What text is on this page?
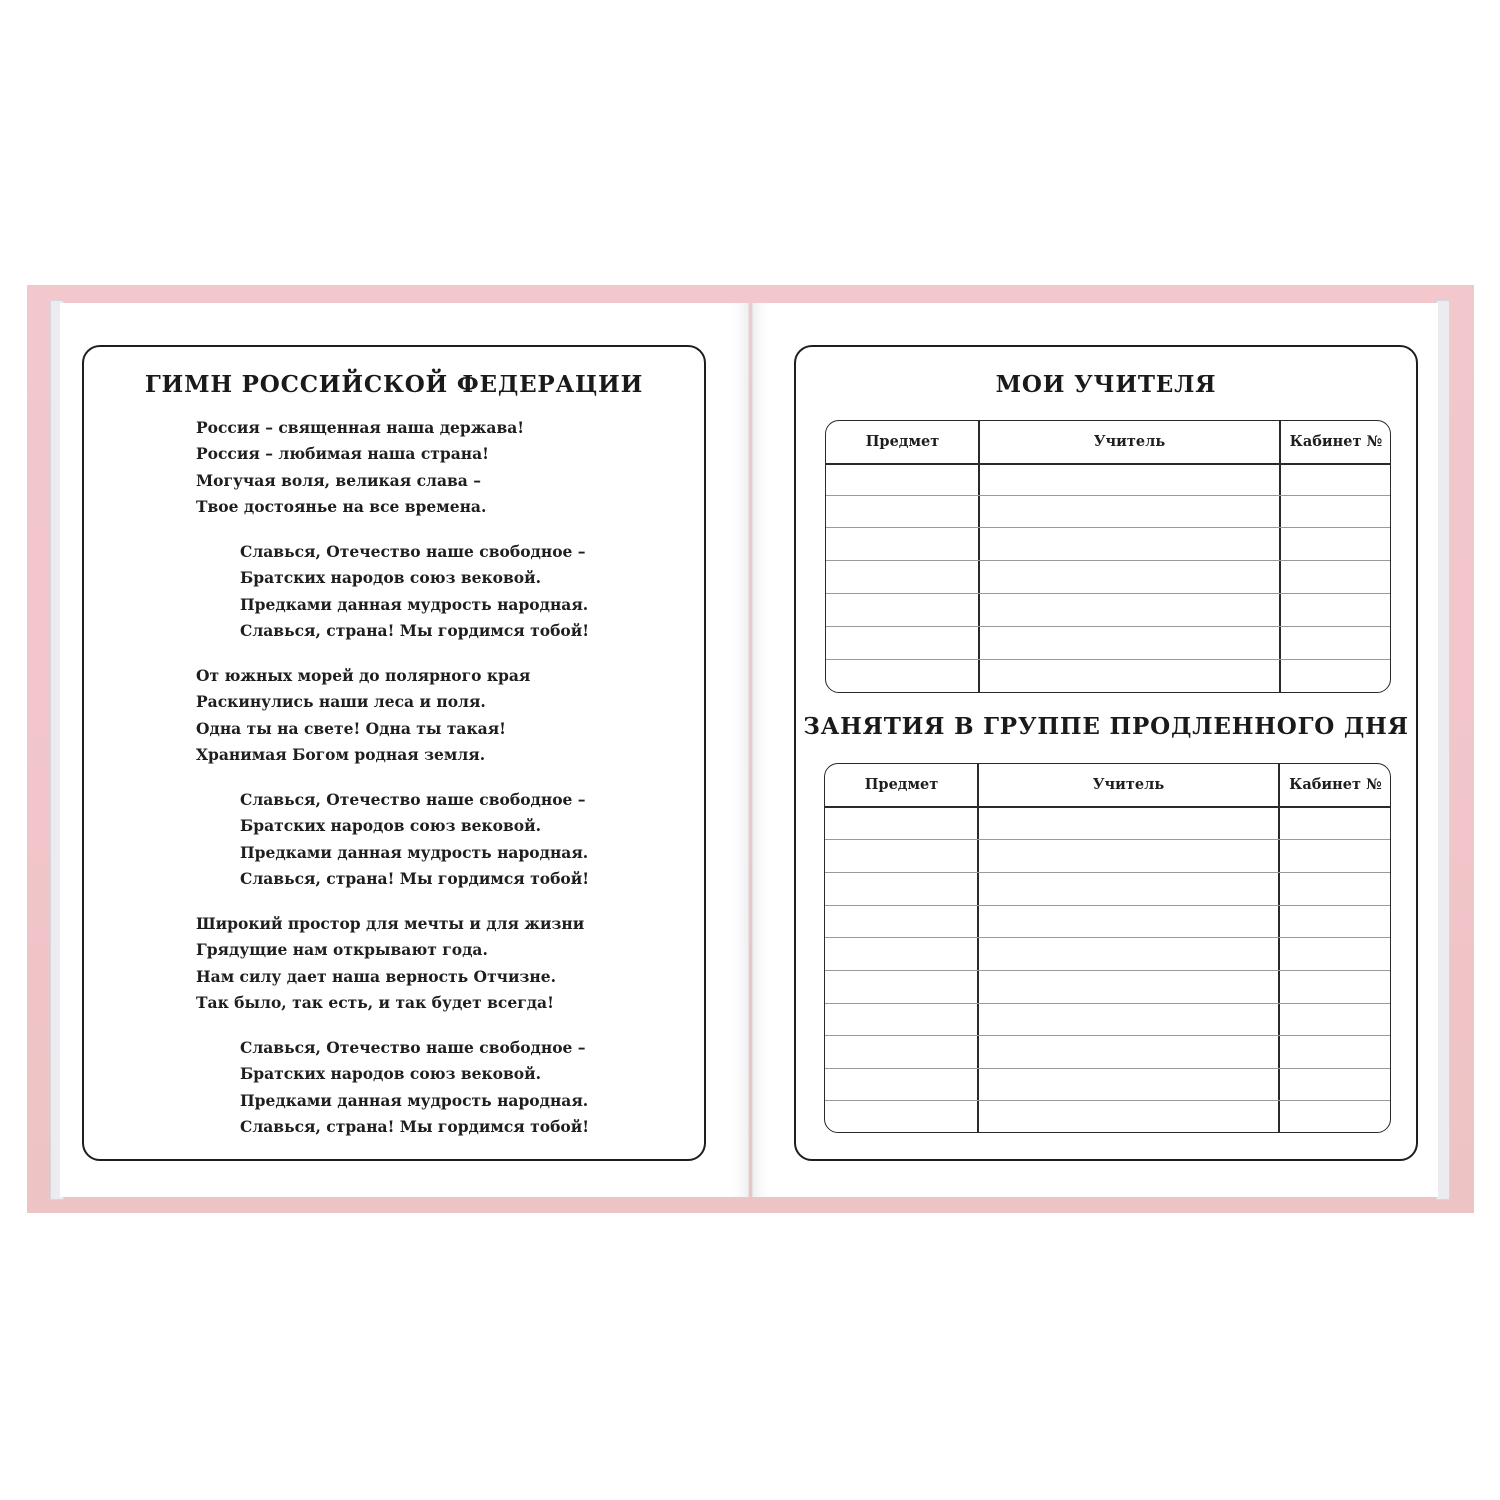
ГИМН РОССИЙСКОЙ ФЕДЕРАЦИИ
Россия – священная наша держава!
Россия – любимая наша страна!
Могучая воля, великая слава –
Твое достоянье на все времена.
Славься, Отечество наше свободное –
Братских народов союз вековой.
Предками данная мудрость народная.
Славься, страна! Мы гордимся тобой!
От южных морей до полярного края
Раскинулись наши леса и поля.
Одна ты на свете! Одна ты такая!
Хранимая Богом родная земля.
Славься, Отечество наше свободное –
Братских народов союз вековой.
Предками данная мудрость народная.
Славься, страна! Мы гордимся тобой!
Широкий простор для мечты и для жизни
Грядущие нам открывают года.
Нам силу дает наша верность Отчизне.
Так было, так есть, и так будет всегда!
Славься, Отечество наше свободное –
Братских народов союз вековой.
Предками данная мудрость народная.
Славься, страна! Мы гордимся тобой!
МОИ УЧИТЕЛЯ
Предмет	Учитель	Кабинет №
ЗАНЯТИЯ В ГРУППЕ ПРОДЛЕННОГО ДНЯ
Предмет	Учитель	Кабинет №
